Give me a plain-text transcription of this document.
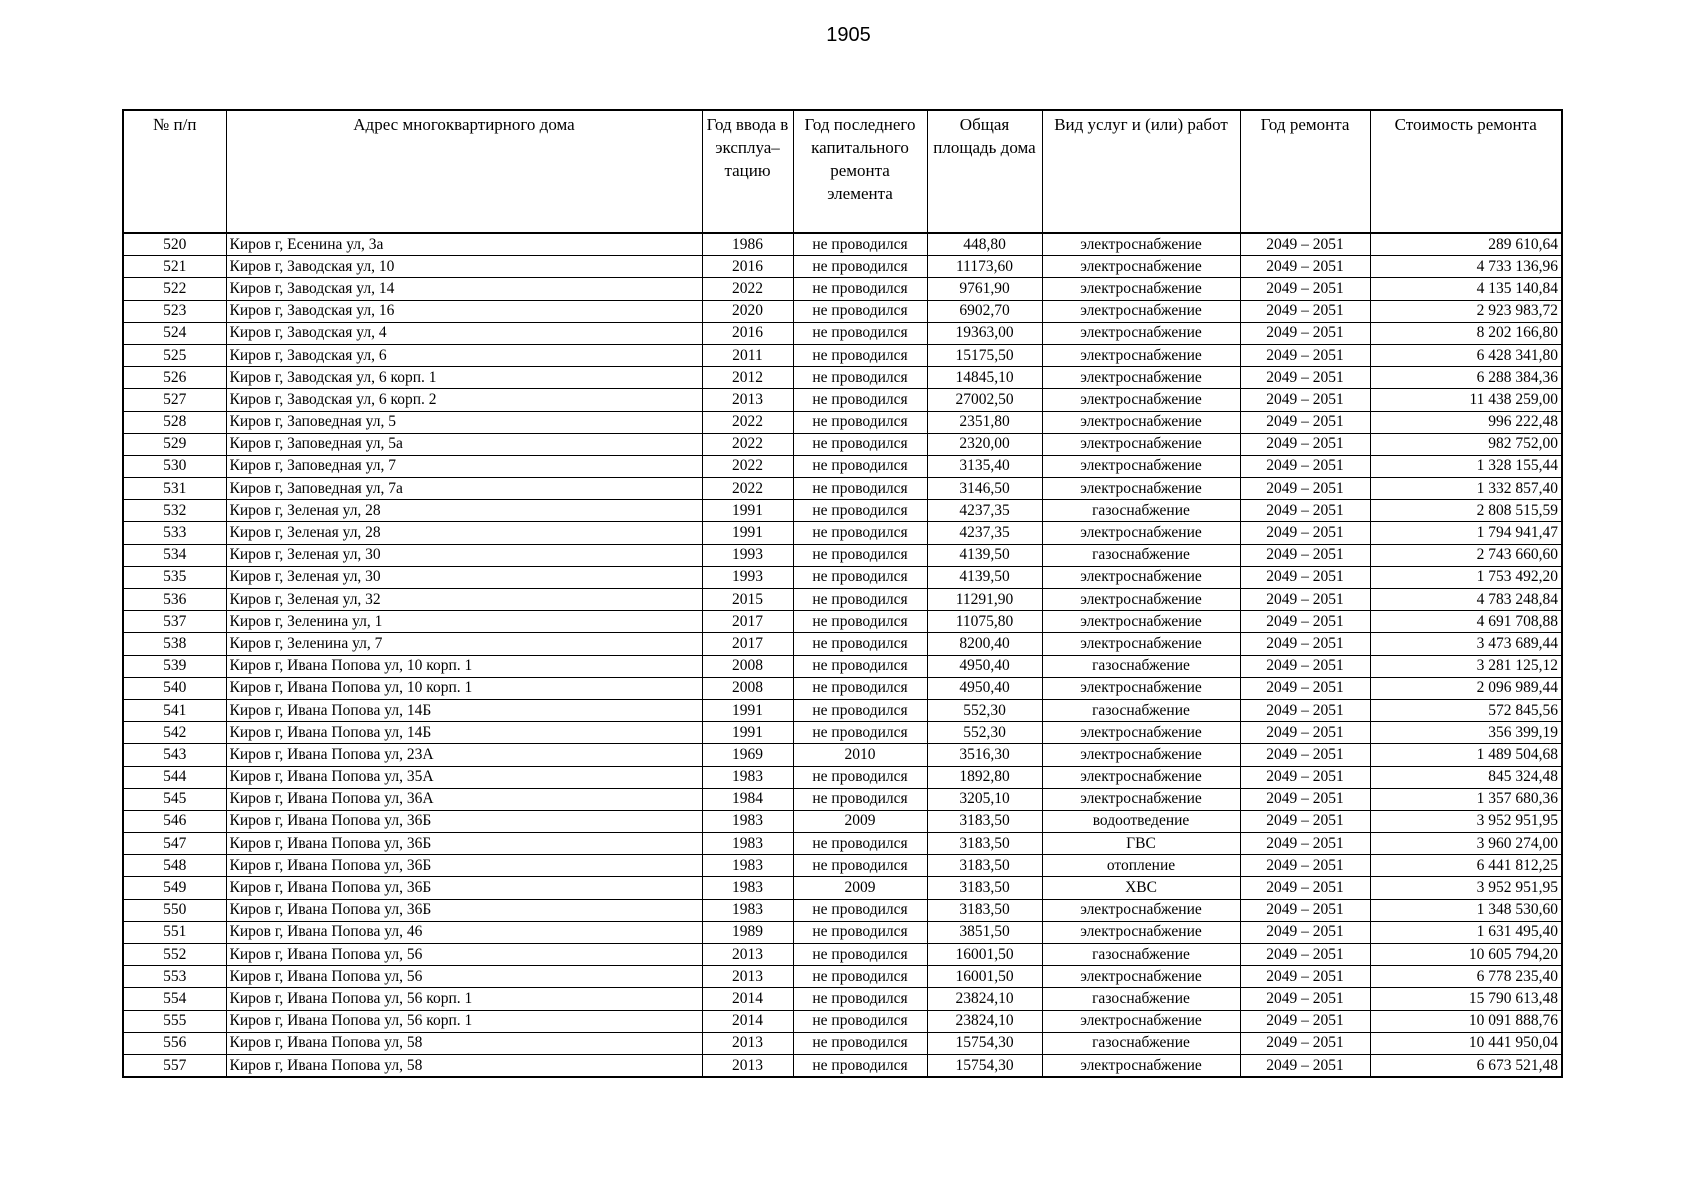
1905
№ п/п	Адрес многоквартирного дома	Год ввода в эксплуа– тацию	Год последнего капитального ремонта элемента	Общая площадь дома	Вид услуг и (или) работ	Год ремонта	Стоимость ремонта
520	Киров г, Есенина ул, 3а	1986	не проводился	448,80	электроснабжение	2049 – 2051	289 610,64
521	Киров г, Заводская ул, 10	2016	не проводился	11173,60	электроснабжение	2049 – 2051	4 733 136,96
522	Киров г, Заводская ул, 14	2022	не проводился	9761,90	электроснабжение	2049 – 2051	4 135 140,84
523	Киров г, Заводская ул, 16	2020	не проводился	6902,70	электроснабжение	2049 – 2051	2 923 983,72
524	Киров г, Заводская ул, 4	2016	не проводился	19363,00	электроснабжение	2049 – 2051	8 202 166,80
525	Киров г, Заводская ул, 6	2011	не проводился	15175,50	электроснабжение	2049 – 2051	6 428 341,80
526	Киров г, Заводская ул, 6 корп. 1	2012	не проводился	14845,10	электроснабжение	2049 – 2051	6 288 384,36
527	Киров г, Заводская ул, 6 корп. 2	2013	не проводился	27002,50	электроснабжение	2049 – 2051	11 438 259,00
528	Киров г, Заповедная ул, 5	2022	не проводился	2351,80	электроснабжение	2049 – 2051	996 222,48
529	Киров г, Заповедная ул, 5а	2022	не проводился	2320,00	электроснабжение	2049 – 2051	982 752,00
530	Киров г, Заповедная ул, 7	2022	не проводился	3135,40	электроснабжение	2049 – 2051	1 328 155,44
531	Киров г, Заповедная ул, 7а	2022	не проводился	3146,50	электроснабжение	2049 – 2051	1 332 857,40
532	Киров г, Зеленая ул, 28	1991	не проводился	4237,35	газоснабжение	2049 – 2051	2 808 515,59
533	Киров г, Зеленая ул, 28	1991	не проводился	4237,35	электроснабжение	2049 – 2051	1 794 941,47
534	Киров г, Зеленая ул, 30	1993	не проводился	4139,50	газоснабжение	2049 – 2051	2 743 660,60
535	Киров г, Зеленая ул, 30	1993	не проводился	4139,50	электроснабжение	2049 – 2051	1 753 492,20
536	Киров г, Зеленая ул, 32	2015	не проводился	11291,90	электроснабжение	2049 – 2051	4 783 248,84
537	Киров г, Зеленина ул, 1	2017	не проводился	11075,80	электроснабжение	2049 – 2051	4 691 708,88
538	Киров г, Зеленина ул, 7	2017	не проводился	8200,40	электроснабжение	2049 – 2051	3 473 689,44
539	Киров г, Ивана Попова ул, 10 корп. 1	2008	не проводился	4950,40	газоснабжение	2049 – 2051	3 281 125,12
540	Киров г, Ивана Попова ул, 10 корп. 1	2008	не проводился	4950,40	электроснабжение	2049 – 2051	2 096 989,44
541	Киров г, Ивана Попова ул, 14Б	1991	не проводился	552,30	газоснабжение	2049 – 2051	572 845,56
542	Киров г, Ивана Попова ул, 14Б	1991	не проводился	552,30	электроснабжение	2049 – 2051	356 399,19
543	Киров г, Ивана Попова ул, 23А	1969	2010	3516,30	электроснабжение	2049 – 2051	1 489 504,68
544	Киров г, Ивана Попова ул, 35А	1983	не проводился	1892,80	электроснабжение	2049 – 2051	845 324,48
545	Киров г, Ивана Попова ул, 36А	1984	не проводился	3205,10	электроснабжение	2049 – 2051	1 357 680,36
546	Киров г, Ивана Попова ул, 36Б	1983	2009	3183,50	водоотведение	2049 – 2051	3 952 951,95
547	Киров г, Ивана Попова ул, 36Б	1983	не проводился	3183,50	ГВС	2049 – 2051	3 960 274,00
548	Киров г, Ивана Попова ул, 36Б	1983	не проводился	3183,50	отопление	2049 – 2051	6 441 812,25
549	Киров г, Ивана Попова ул, 36Б	1983	2009	3183,50	ХВС	2049 – 2051	3 952 951,95
550	Киров г, Ивана Попова ул, 36Б	1983	не проводился	3183,50	электроснабжение	2049 – 2051	1 348 530,60
551	Киров г, Ивана Попова ул, 46	1989	не проводился	3851,50	электроснабжение	2049 – 2051	1 631 495,40
552	Киров г, Ивана Попова ул, 56	2013	не проводился	16001,50	газоснабжение	2049 – 2051	10 605 794,20
553	Киров г, Ивана Попова ул, 56	2013	не проводился	16001,50	электроснабжение	2049 – 2051	6 778 235,40
554	Киров г, Ивана Попова ул, 56 корп. 1	2014	не проводился	23824,10	газоснабжение	2049 – 2051	15 790 613,48
555	Киров г, Ивана Попова ул, 56 корп. 1	2014	не проводился	23824,10	электроснабжение	2049 – 2051	10 091 888,76
556	Киров г, Ивана Попова ул, 58	2013	не проводился	15754,30	газоснабжение	2049 – 2051	10 441 950,04
557	Киров г, Ивана Попова ул, 58	2013	не проводился	15754,30	электроснабжение	2049 – 2051	6 673 521,48
